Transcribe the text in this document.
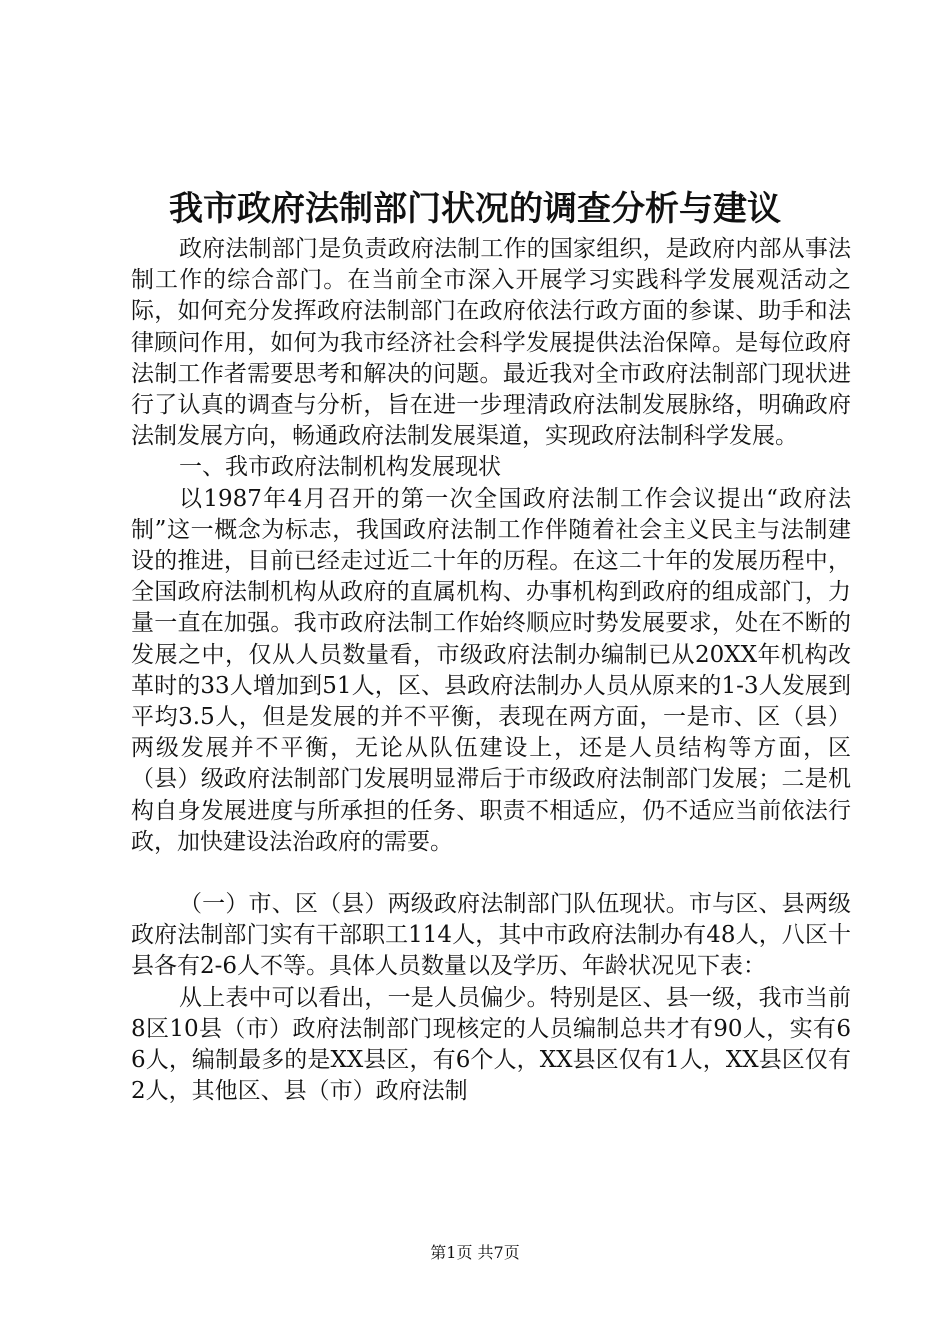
我市政府法制部门状况的调查分析与建议

政府法制部门是负责政府法制工作的国家组织，是政府内部从事法制工作的综合部门。在当前全市深入开展学习实践科学发展观活动之际，如何充分发挥政府法制部门在政府依法行政方面的参谋、助手和法律顾问作用，如何为我市经济社会科学发展提供法治保障。是每位政府法制工作者需要思考和解决的问题。最近我对全市政府法制部门现状进行了认真的调查与分析，旨在进一步理清政府法制发展脉络，明确政府法制发展方向，畅通政府法制发展渠道，实现政府法制科学发展。

一、我市政府法制机构发展现状

以1987年4月召开的第一次全国政府法制工作会议提出“政府法制”这一概念为标志，我国政府法制工作伴随着社会主义民主与法制建设的推进，目前已经走过近二十年的历程。在这二十年的发展历程中，全国政府法制机构从政府的直属机构、办事机构到政府的组成部门，力量一直在加强。我市政府法制工作始终顺应时势发展要求，处在不断的发展之中，仅从人员数量看，市级政府法制办编制已从20XX年机构改革时的33人增加到51人，区、县政府法制办人员从原来的1-3人发展到平均3.5人，但是发展的并不平衡，表现在两方面，一是市、区（县）两级发展并不平衡，无论从队伍建设上，还是人员结构等方面，区（县）级政府法制部门发展明显滞后于市级政府法制部门发展；二是机构自身发展进度与所承担的任务、职责不相适应，仍不适应当前依法行政，加快建设法治政府的需要。

（一）市、区（县）两级政府法制部门队伍现状。市与区、县两级政府法制部门实有干部职工114人，其中市政府法制办有48人，八区十县各有2-6人不等。具体人员数量以及学历、年龄状况见下表：

从上表中可以看出，一是人员偏少。特别是区、县一级，我市当前8区10县（市）政府法制部门现核定的人员编制总共才有90人，实有66人，编制最多的是XX县区，有6个人，XX县区仅有1人，XX县区仅有2人，其他区、县（市）政府法制

第1页 共7页
